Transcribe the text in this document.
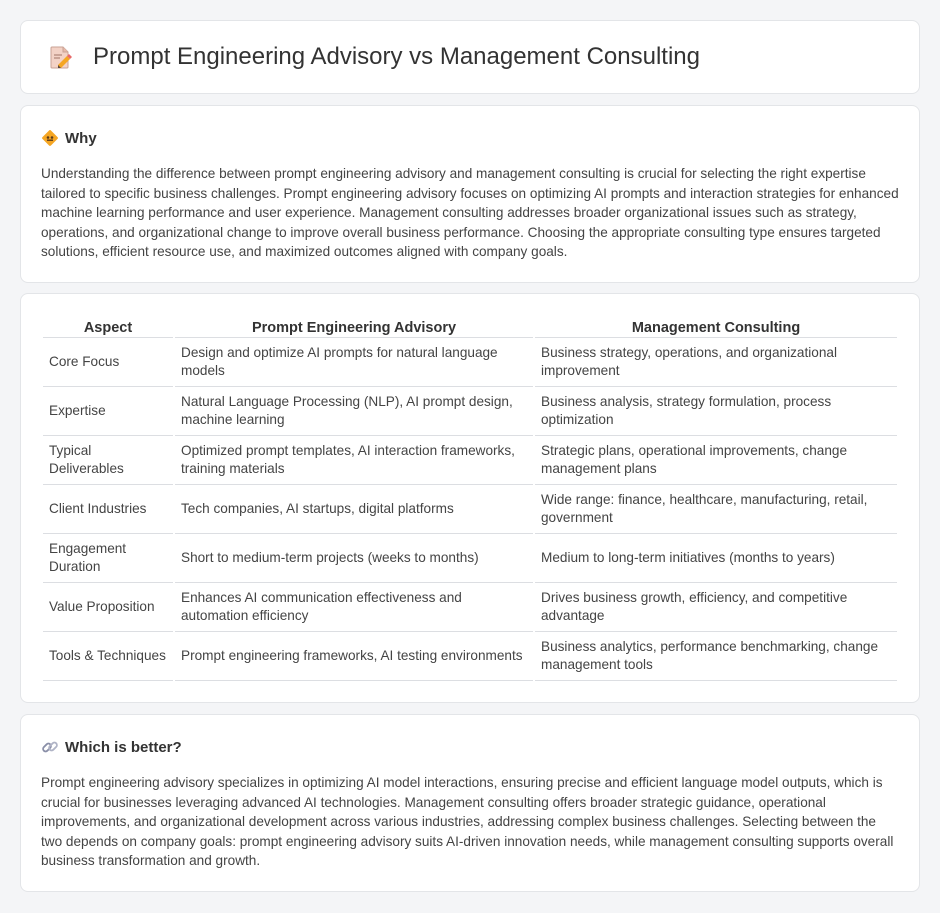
Prompt Engineering Advisory vs Management Consulting
Why

Understanding the difference between prompt engineering advisory and management consulting is crucial for selecting the right expertise tailored to specific business challenges. Prompt engineering advisory focuses on optimizing AI prompts and interaction strategies for enhanced machine learning performance and user experience. Management consulting addresses broader organizational issues such as strategy, operations, and organizational change to improve overall business performance. Choosing the appropriate consulting type ensures targeted solutions, efficient resource use, and maximized outcomes aligned with company goals.

Aspect	Prompt Engineering Advisory	Management Consulting
Core Focus	Design and optimize AI prompts for natural language models	Business strategy, operations, and organizational improvement
Expertise	Natural Language Processing (NLP), AI prompt design, machine learning	Business analysis, strategy formulation, process optimization
Typical Deliverables	Optimized prompt templates, AI interaction frameworks, training materials	Strategic plans, operational improvements, change management plans
Client Industries	Tech companies, AI startups, digital platforms	Wide range: finance, healthcare, manufacturing, retail, government
Engagement Duration	Short to medium-term projects (weeks to months)	Medium to long-term initiatives (months to years)
Value Proposition	Enhances AI communication effectiveness and automation efficiency	Drives business growth, efficiency, and competitive advantage
Tools & Techniques	Prompt engineering frameworks, AI testing environments	Business analytics, performance benchmarking, change management tools
Which is better?

Prompt engineering advisory specializes in optimizing AI model interactions, ensuring precise and efficient language model outputs, which is crucial for businesses leveraging advanced AI technologies. Management consulting offers broader strategic guidance, operational improvements, and organizational development across various industries, addressing complex business challenges. Selecting between the two depends on company goals: prompt engineering advisory suits AI-driven innovation needs, while management consulting supports overall business transformation and growth.
